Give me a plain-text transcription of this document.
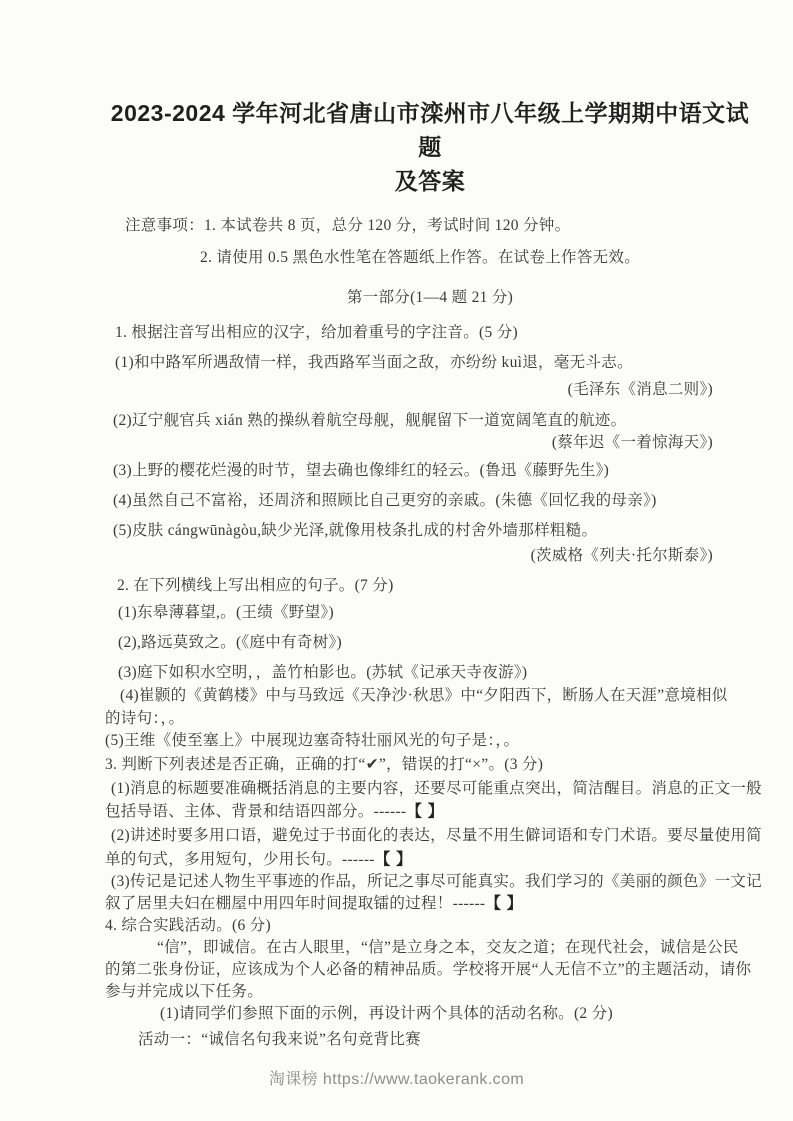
2023-2024 学年河北省唐山市滦州市八年级上学期期中语文试题
及答案

注意事项：1. 本试卷共 8 页，总分 120 分，考试时间 120 分钟。

2. 请使用 0.5 黑色水性笔在答题纸上作答。在试卷上作答无效。

第一部分(1—4 题 21 分)

1. 根据注音写出相应的汉字，给加着重号的字注音。(5 分)

(1)和中路军所遇敌情一样，我西路军当面之敌，亦纷纷 kuì退，毫无斗志。

(毛泽东《消息二则》)

(2)辽宁舰官兵 xián 熟的操纵着航空母舰，舰艉留下一道宽阔笔直的航迹。

(蔡年迟《一着惊海天》)

(3)上野的樱花烂漫的时节，望去确也像绯红的轻云。(鲁迅《藤野先生》)

(4)虽然自己不富裕，还周济和照顾比自己更穷的亲戚。(朱德《回忆我的母亲》)

(5)皮肤 cángwūnàgòu,缺少光泽,就像用枝条扎成的村舍外墙那样粗糙。

(茨威格《列夫·托尔斯泰》)

2. 在下列横线上写出相应的句子。(7 分)

(1)东皋薄暮望,。(王绩《野望》)

(2),路远莫致之。(《庭中有奇树》)

(3)庭下如积水空明，，盖竹柏影也。(苏轼《记承天寺夜游》)

(4)崔颢的《黄鹤楼》中与马致远《天净沙·秋思》中“夕阳西下，断肠人在天涯”意境相似

的诗句：，。

(5)王维《使至塞上》中展现边塞奇特壮丽风光的句子是：，。

3. 判断下列表述是否正确，正确的打“✔”，错误的打“×”。(3 分)

(1)消息的标题要准确概括消息的主要内容，还要尽可能重点突出，简洁醒目。消息的正文一般

包括导语、主体、背景和结语四部分。------【 】

(2)讲述时要多用口语，避免过于书面化的表达，尽量不用生僻词语和专门术语。要尽量使用简

单的句式，多用短句，少用长句。------【 】

(3)传记是记述人物生平事迹的作品，所记之事尽可能真实。我们学习的《美丽的颜色》一文记

叙了居里夫妇在棚屋中用四年时间提取镭的过程！------【 】

4. 综合实践活动。(6 分)

“信”，即诚信。在古人眼里，“信”是立身之本，交友之道；在现代社会，诚信是公民

的第二张身份证，应该成为个人必备的精神品质。学校将开展“人无信不立”的主题活动，请你

参与并完成以下任务。

(1)请同学们参照下面的示例，再设计两个具体的活动名称。(2 分)

活动一：“诚信名句我来说”名句竞背比赛

淘课榜 https://www.taokerank.com
